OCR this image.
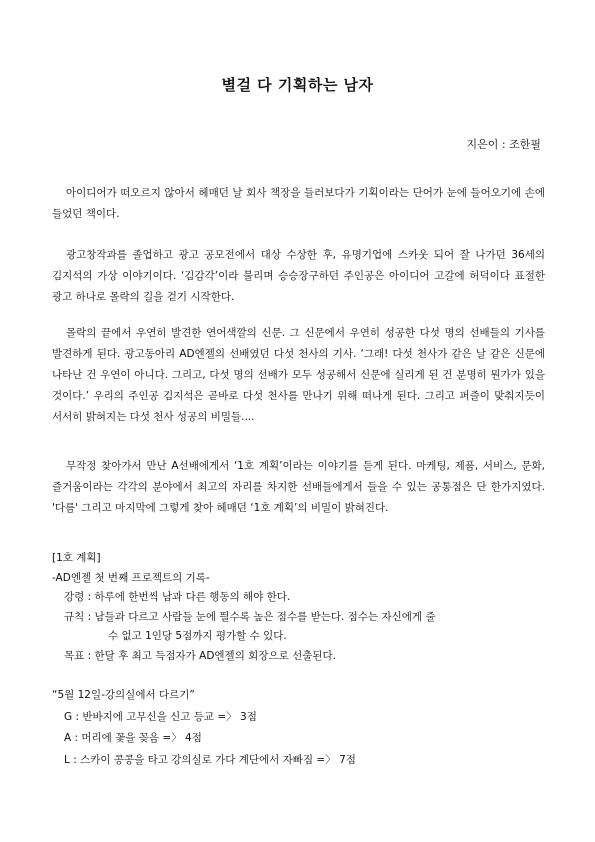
별걸 다 기획하는 남자
지은이 : 조한필

아이디어가 떠오르지 않아서 헤매던 날 회사 책장을 들러보다가 기획이라는 단어가 눈에 들어오기에 손에 들었던 책이다.

광고창작과를 졸업하고 광고 공모전에서 대상 수상한 후, 유명기업에 스카웃 되어 잘 나가던 36세의 김지석의 가상 이야기이다. ‘김감각’이라 불리며 승승장구하던 주인공은 아이디어 고갈에 허덕이다 표절한 광고 하나로 몰락의 길을 걷기 시작한다.

몰락의 끝에서 우연히 발견한 연어색깔의 신문. 그 신문에서 우연히 성공한 다섯 명의 선배들의 기사를 발견하게 된다. 광고동아리 AD엔젤의 선배였던 다섯 천사의 기사. ‘그래! 다섯 천사가 같은 날 같은 신문에 나타난 건 우연이 아니다. 그리고, 다섯 명의 선배가 모두 성공해서 신문에 실리게 된 건 분명히 뭔가가 있을 것이다.’ 우리의 주인공 김지석은 곧바로 다섯 천사를 만나기 위해 떠나게 된다. 그리고 퍼즐이 맞춰지듯이 서서히 밝혀지는 다섯 천사 성공의 비밀들....

무작정 찾아가서 만난 A선배에게서 ‘1호 계획’이라는 이야기를 듣게 된다. 마케팅, 제품, 서비스, 문화, 즐거움이라는 각각의 분야에서 최고의 자리를 차지한 선배들에게서 들을 수 있는 공통점은 단 한가지였다. '다름' 그리고 마지막에 그렇게 찾아 헤매던 ‘1호 계획’의 비밀이 밝혀진다.

[1호 계획]
-AD엔젤 첫 번째 프로젝트의 기록-
강령 : 하루에 한번씩 남과 다른 행동의 해야 한다.
규칙 : 남들과 다르고 사람들 눈에 띌수록 높은 점수를 받는다. 점수는 자신에게 줄
수 없고 1인당 5점까지 평가할 수 있다.
목표 : 한달 후 최고 득점자가 AD엔젤의 회장으로 선출된다.
“5월 12일-강의실에서 다르기”
G : 반바지에 고무신을 신고 등교 =〉 3점
A : 머리에 꽃을 꽂음 =〉 4점
L : 스카이 콩콩을 타고 강의실로 가다 계단에서 자빠짐 =〉 7점
